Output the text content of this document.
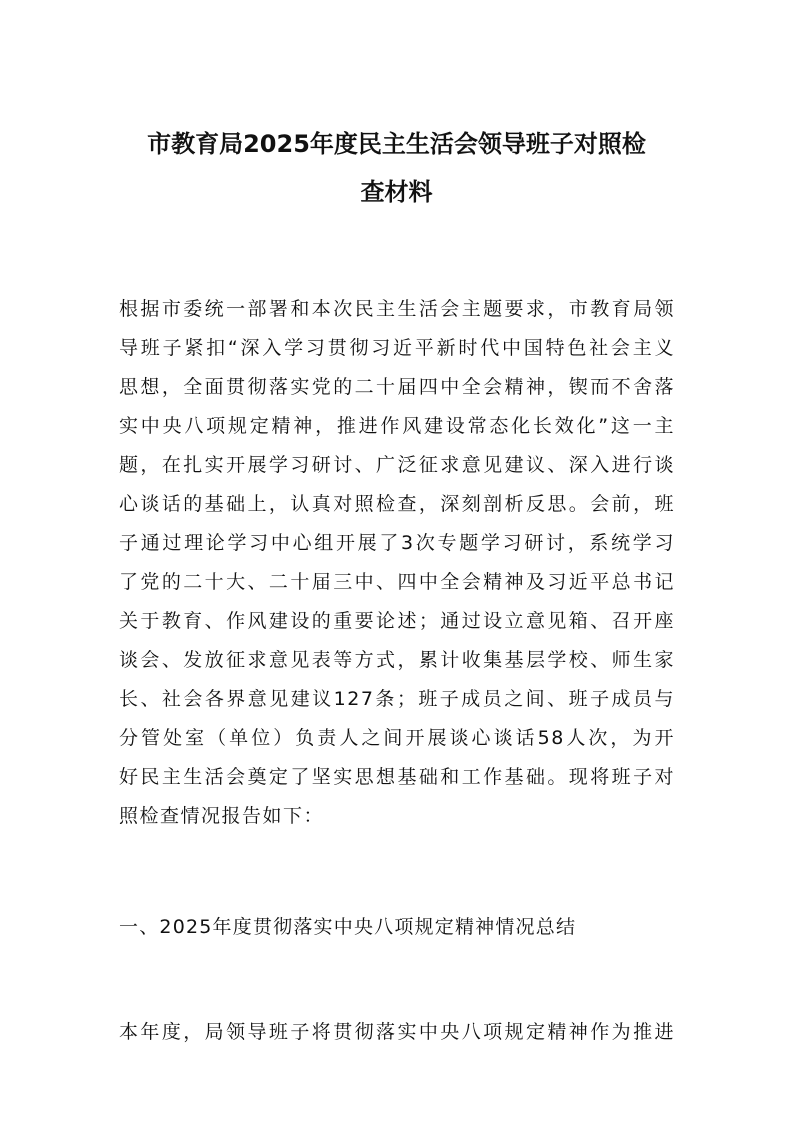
市教育局2025年度民主生活会领导班子对照检
查材料
根据市委统一部署和本次民主生活会主题要求，市教育局领
导班子紧扣“深入学习贯彻习近平新时代中国特色社会主义
思想，全面贯彻落实党的二十届四中全会精神，锲而不舍落
实中央八项规定精神，推进作风建设常态化长效化”这一主
题，在扎实开展学习研讨、广泛征求意见建议、深入进行谈
心谈话的基础上，认真对照检查，深刻剖析反思。会前，班
子通过理论学习中心组开展了3次专题学习研讨，系统学习
了党的二十大、二十届三中、四中全会精神及习近平总书记
关于教育、作风建设的重要论述；通过设立意见箱、召开座
谈会、发放征求意见表等方式，累计收集基层学校、师生家
长、社会各界意见建议127条；班子成员之间、班子成员与
分管处室（单位）负责人之间开展谈心谈话58人次，为开
好民主生活会奠定了坚实思想基础和工作基础。现将班子对
照检查情况报告如下：
一、2025年度贯彻落实中央八项规定精神情况总结
本年度，局领导班子将贯彻落实中央八项规定精神作为推进
